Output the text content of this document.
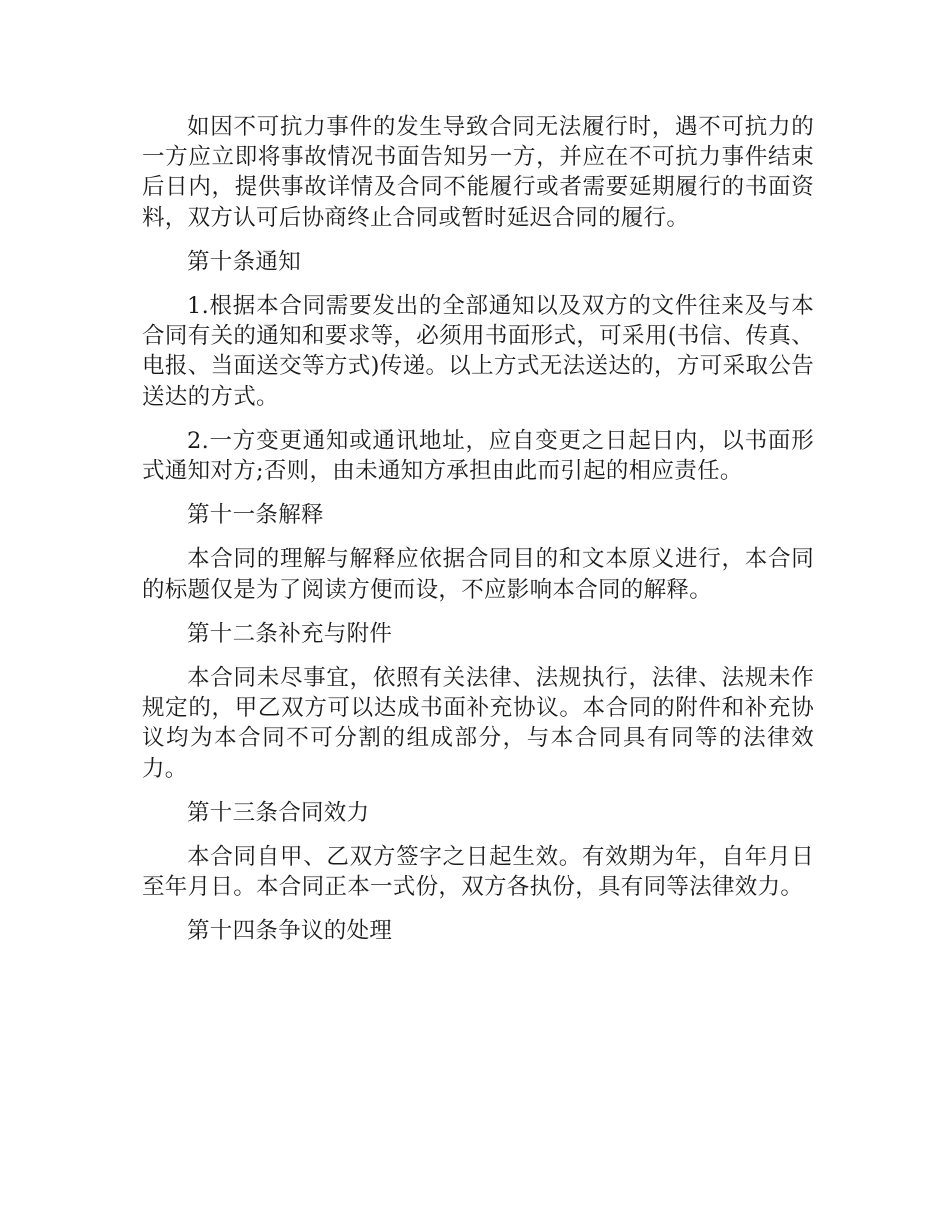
如因不可抗力事件的发生导致合同无法履行时，遇不可抗力的一方应立即将事故情况书面告知另一方，并应在不可抗力事件结束后日内，提供事故详情及合同不能履行或者需要延期履行的书面资料，双方认可后协商终止合同或暂时延迟合同的履行。

第十条通知

1.根据本合同需要发出的全部通知以及双方的文件往来及与本合同有关的通知和要求等，必须用书面形式，可采用(书信、传真、电报、当面送交等方式)传递。以上方式无法送达的，方可采取公告送达的方式。

2.一方变更通知或通讯地址，应自变更之日起日内，以书面形式通知对方;否则，由未通知方承担由此而引起的相应责任。

第十一条解释

本合同的理解与解释应依据合同目的和文本原义进行，本合同的标题仅是为了阅读方便而设，不应影响本合同的解释。

第十二条补充与附件

本合同未尽事宜，依照有关法律、法规执行，法律、法规未作规定的，甲乙双方可以达成书面补充协议。本合同的附件和补充协议均为本合同不可分割的组成部分，与本合同具有同等的法律效力。

第十三条合同效力

本合同自甲、乙双方签字之日起生效。有效期为年，自年月日至年月日。本合同正本一式份，双方各执份，具有同等法律效力。

第十四条争议的处理
